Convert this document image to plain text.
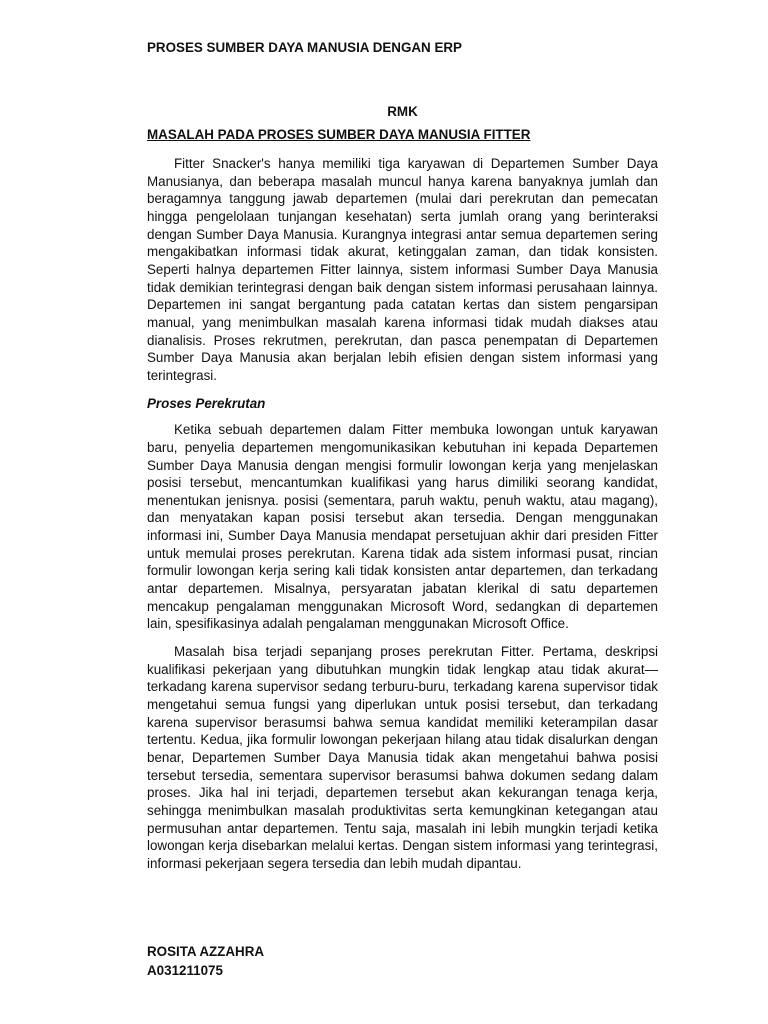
PROSES SUMBER DAYA MANUSIA DENGAN ERP
RMK
MASALAH PADA PROSES SUMBER DAYA MANUSIA FITTER

Fitter Snacker's hanya memiliki tiga karyawan di Departemen Sumber Daya Manusianya, dan beberapa masalah muncul hanya karena banyaknya jumlah dan beragamnya tanggung jawab departemen (mulai dari perekrutan dan pemecatan hingga pengelolaan tunjangan kesehatan) serta jumlah orang yang berinteraksi dengan Sumber Daya Manusia. Kurangnya integrasi antar semua departemen sering mengakibatkan informasi tidak akurat, ketinggalan zaman, dan tidak konsisten. Seperti halnya departemen Fitter lainnya, sistem informasi Sumber Daya Manusia tidak demikian terintegrasi dengan baik dengan sistem informasi perusahaan lainnya. Departemen ini sangat bergantung pada catatan kertas dan sistem pengarsipan manual, yang menimbulkan masalah karena informasi tidak mudah diakses atau dianalisis. Proses rekrutmen, perekrutan, dan pasca penempatan di Departemen Sumber Daya Manusia akan berjalan lebih efisien dengan sistem informasi yang terintegrasi.

Proses Perekrutan

Ketika sebuah departemen dalam Fitter membuka lowongan untuk karyawan baru, penyelia departemen mengomunikasikan kebutuhan ini kepada Departemen Sumber Daya Manusia dengan mengisi formulir lowongan kerja yang menjelaskan posisi tersebut, mencantumkan kualifikasi yang harus dimiliki seorang kandidat, menentukan jenisnya. posisi (sementara, paruh waktu, penuh waktu, atau magang), dan menyatakan kapan posisi tersebut akan tersedia. Dengan menggunakan informasi ini, Sumber Daya Manusia mendapat persetujuan akhir dari presiden Fitter untuk memulai proses perekrutan. Karena tidak ada sistem informasi pusat, rincian formulir lowongan kerja sering kali tidak konsisten antar departemen, dan terkadang antar departemen. Misalnya, persyaratan jabatan klerikal di satu departemen mencakup pengalaman menggunakan Microsoft Word, sedangkan di departemen lain, spesifikasinya adalah pengalaman menggunakan Microsoft Office.

Masalah bisa terjadi sepanjang proses perekrutan Fitter. Pertama, deskripsi kualifikasi pekerjaan yang dibutuhkan mungkin tidak lengkap atau tidak akurat—terkadang karena supervisor sedang terburu-buru, terkadang karena supervisor tidak mengetahui semua fungsi yang diperlukan untuk posisi tersebut, dan terkadang karena supervisor berasumsi bahwa semua kandidat memiliki keterampilan dasar tertentu. Kedua, jika formulir lowongan pekerjaan hilang atau tidak disalurkan dengan benar, Departemen Sumber Daya Manusia tidak akan mengetahui bahwa posisi tersebut tersedia, sementara supervisor berasumsi bahwa dokumen sedang dalam proses. Jika hal ini terjadi, departemen tersebut akan kekurangan tenaga kerja, sehingga menimbulkan masalah produktivitas serta kemungkinan ketegangan atau permusuhan antar departemen. Tentu saja, masalah ini lebih mungkin terjadi ketika lowongan kerja disebarkan melalui kertas. Dengan sistem informasi yang terintegrasi, informasi pekerjaan segera tersedia dan lebih mudah dipantau.

ROSITA AZZAHRA
A031211075
